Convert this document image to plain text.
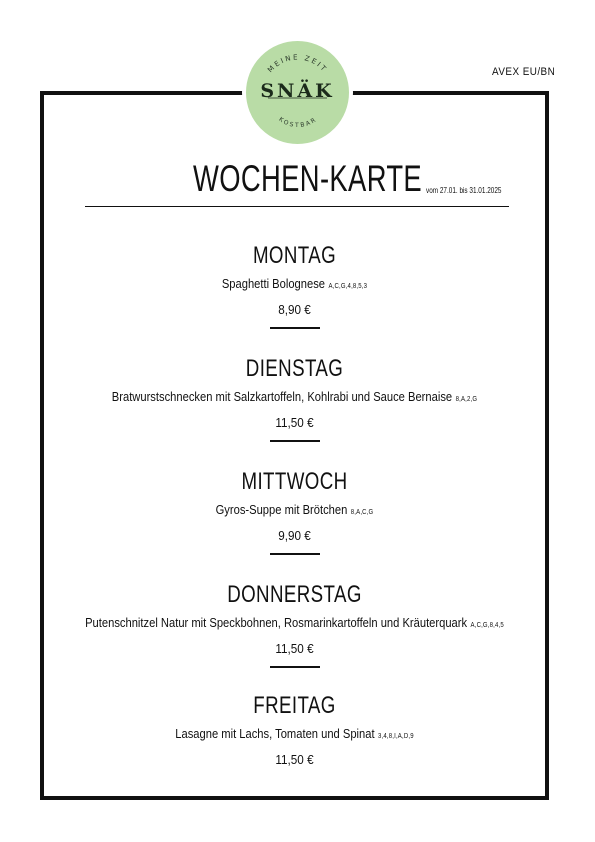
MEINE ZEIT
KOSTBAR
SNÄK
AVEX EU/BN
WOCHEN-KARTE vom 27.01. bis 31.01.2025
MONTAG
Spaghetti Bolognese A,C,G,4,8,5,3
8,90 €
DIENSTAG
Bratwurstschnecken mit Salzkartoffeln, Kohlrabi und Sauce Bernaise 8,A,2,G
11,50 €
MITTWOCH
Gyros-Suppe mit Brötchen 8,A,C,G
9,90 €
DONNERSTAG
Putenschnitzel Natur mit Speckbohnen, Rosmarinkartoffeln und Kräuterquark A,C,G,8,4,5
11,50 €
FREITAG
Lasagne mit Lachs, Tomaten und Spinat 3,4,8,I,A,D,9
11,50 €
